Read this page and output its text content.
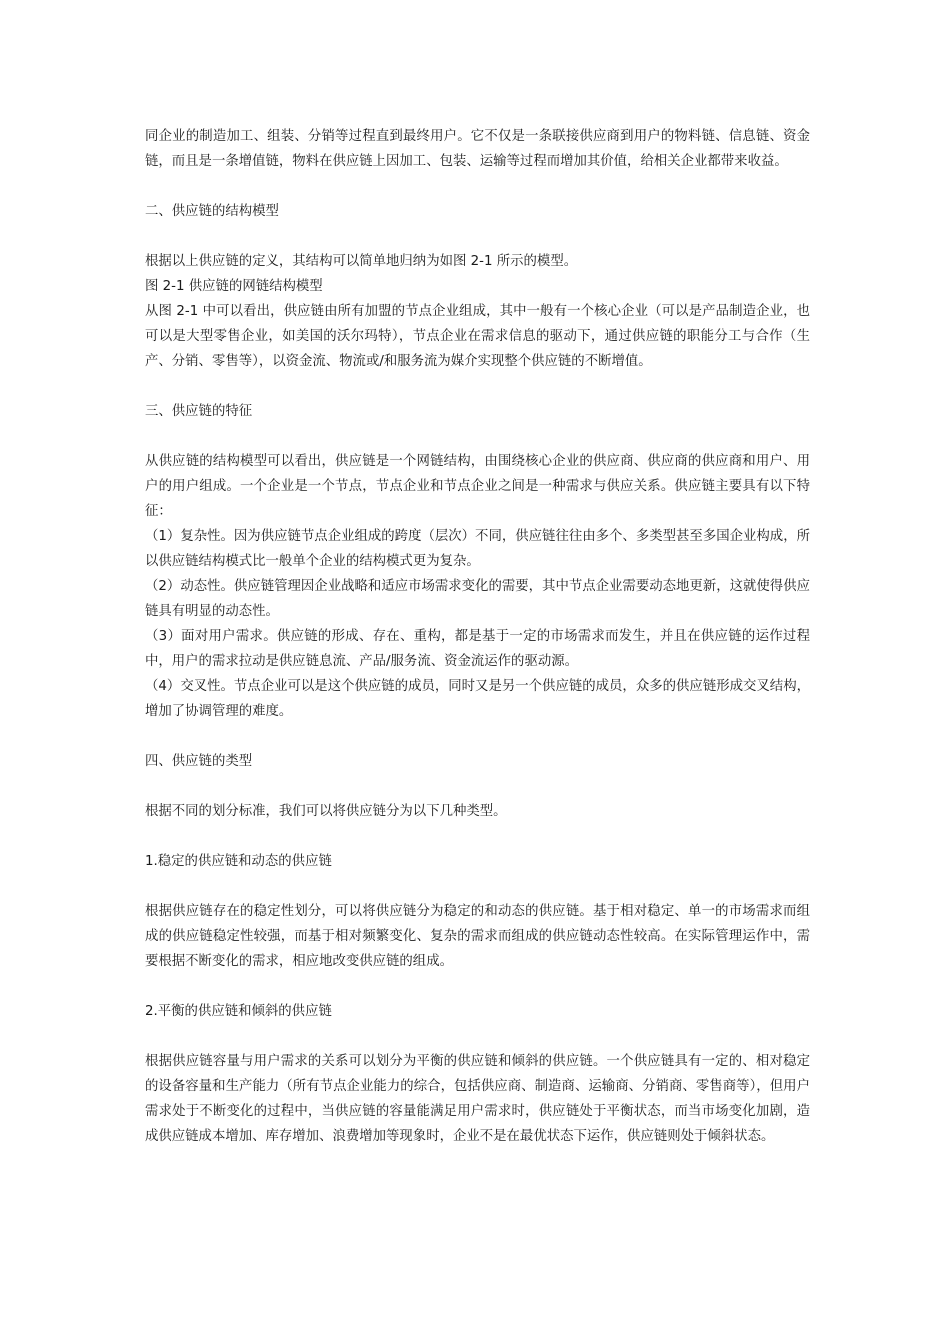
同企业的制造加工、组装、分销等过程直到最终用户。它不仅是一条联接供应商到用户的物料链、信息链、资金链，而且是一条增值链，物料在供应链上因加工、包装、运输等过程而增加其价值，给相关企业都带来收益。

二、供应链的结构模型

根据以上供应链的定义，其结构可以简单地归纳为如图 2-1 所示的模型。

图 2-1 供应链的网链结构模型

从图 2-1 中可以看出，供应链由所有加盟的节点企业组成，其中一般有一个核心企业（可以是产品制造企业，也可以是大型零售企业，如美国的沃尔玛特），节点企业在需求信息的驱动下，通过供应链的职能分工与合作（生产、分销、零售等），以资金流、物流或/和服务流为媒介实现整个供应链的不断增值。

三、供应链的特征

从供应链的结构模型可以看出，供应链是一个网链结构，由围绕核心企业的供应商、供应商的供应商和用户、用户的用户组成。一个企业是一个节点，节点企业和节点企业之间是一种需求与供应关系。供应链主要具有以下特征：

（1）复杂性。因为供应链节点企业组成的跨度（层次）不同，供应链往往由多个、多类型甚至多国企业构成，所以供应链结构模式比一般单个企业的结构模式更为复杂。

（2）动态性。供应链管理因企业战略和适应市场需求变化的需要，其中节点企业需要动态地更新，这就使得供应链具有明显的动态性。

（3）面对用户需求。供应链的形成、存在、重构，都是基于一定的市场需求而发生，并且在供应链的运作过程中，用户的需求拉动是供应链息流、产品/服务流、资金流运作的驱动源。

（4）交叉性。节点企业可以是这个供应链的成员，同时又是另一个供应链的成员，众多的供应链形成交叉结构，增加了协调管理的难度。

四、供应链的类型

根据不同的划分标准，我们可以将供应链分为以下几种类型。

1.稳定的供应链和动态的供应链

根据供应链存在的稳定性划分，可以将供应链分为稳定的和动态的供应链。基于相对稳定、单一的市场需求而组成的供应链稳定性较强，而基于相对频繁变化、复杂的需求而组成的供应链动态性较高。在实际管理运作中，需要根据不断变化的需求，相应地改变供应链的组成。

2.平衡的供应链和倾斜的供应链

根据供应链容量与用户需求的关系可以划分为平衡的供应链和倾斜的供应链。一个供应链具有一定的、相对稳定的设备容量和生产能力（所有节点企业能力的综合，包括供应商、制造商、运输商、分销商、零售商等），但用户需求处于不断变化的过程中，当供应链的容量能满足用户需求时，供应链处于平衡状态，而当市场变化加剧，造成供应链成本增加、库存增加、浪费增加等现象时，企业不是在最优状态下运作，供应链则处于倾斜状态。
